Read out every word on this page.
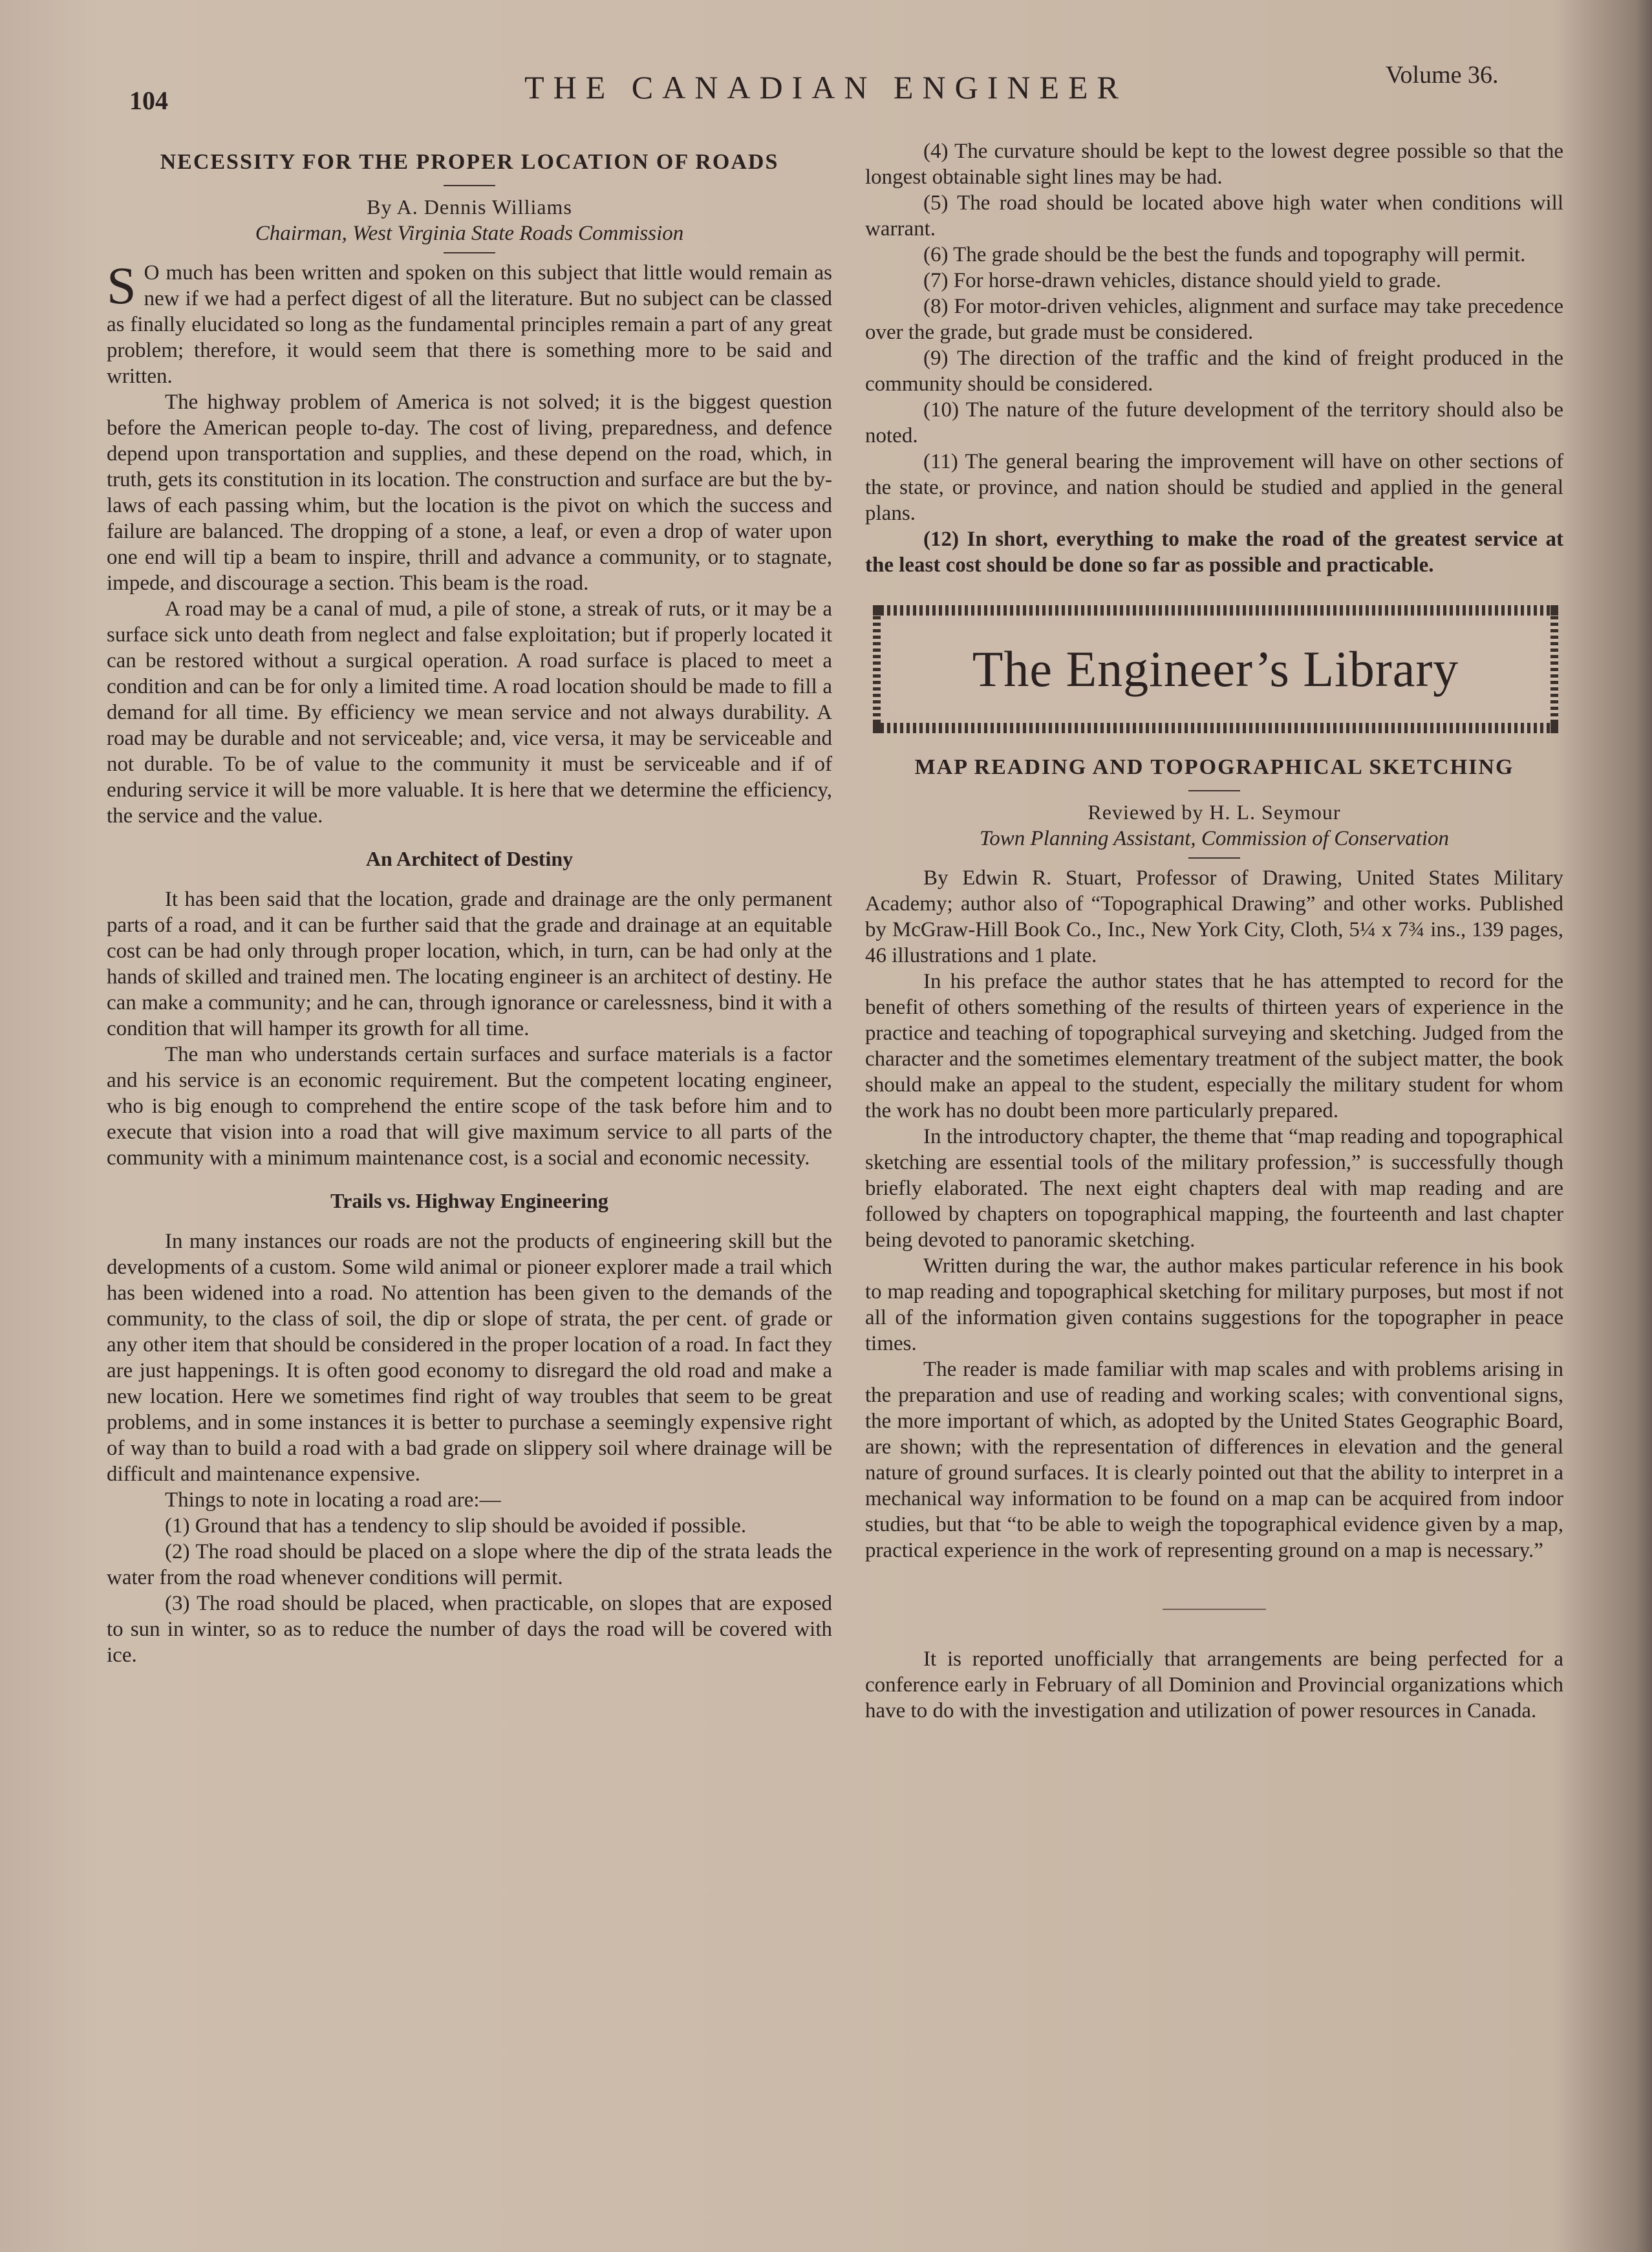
104	THE CANADIAN ENGINEER	Volume 36.
NECESSITY FOR THE PROPER LOCATION OF ROADS
By A. Dennis Williams
Chairman, West Virginia State Roads Commission

S O much has been written and spoken on this subject that little would remain as new if we had a perfect digest of all the literature. But no subject can be classed as finally elucidated so long as the fundamental principles remain a part of any great problem; therefore, it would seem that there is something more to be said and written.

The highway problem of America is not solved; it is the biggest question before the American people to-day. The cost of living, preparedness, and defence depend upon transportation and supplies, and these depend on the road, which, in truth, gets its constitution in its location. The construction and surface are but the by-laws of each passing whim, but the location is the pivot on which the success and failure are balanced. The dropping of a stone, a leaf, or even a drop of water upon one end will tip a beam to inspire, thrill and advance a community, or to stagnate, impede, and discourage a section. This beam is the road.

A road may be a canal of mud, a pile of stone, a streak of ruts, or it may be a surface sick unto death from neglect and false exploitation; but if properly located it can be restored without a surgical operation. A road surface is placed to meet a condition and can be for only a limited time. A road location should be made to fill a demand for all time. By efficiency we mean service and not always durability. A road may be durable and not serviceable; and, vice versa, it may be serviceable and not durable. To be of value to the community it must be serviceable and if of enduring service it will be more valuable. It is here that we determine the efficiency, the service and the value.

An Architect of Destiny

It has been said that the location, grade and drainage are the only permanent parts of a road, and it can be further said that the grade and drainage at an equitable cost can be had only through proper location, which, in turn, can be had only at the hands of skilled and trained men. The locating engineer is an architect of destiny. He can make a community; and he can, through ignorance or carelessness, bind it with a condition that will hamper its growth for all time.

The man who understands certain surfaces and surface materials is a factor and his service is an economic requirement. But the competent locating engineer, who is big enough to comprehend the entire scope of the task before him and to execute that vision into a road that will give maximum service to all parts of the community with a minimum maintenance cost, is a social and economic necessity.

Trails vs. Highway Engineering

In many instances our roads are not the products of engineering skill but the developments of a custom. Some wild animal or pioneer explorer made a trail which has been widened into a road. No attention has been given to the demands of the community, to the class of soil, the dip or slope of strata, the per cent. of grade or any other item that should be considered in the proper location of a road. In fact they are just happenings. It is often good economy to disregard the old road and make a new location. Here we sometimes find right of way troubles that seem to be great problems, and in some instances it is better to purchase a seemingly expensive right of way than to build a road with a bad grade on slippery soil where drainage will be difficult and maintenance expensive.

Things to note in locating a road are:—

(1) Ground that has a tendency to slip should be avoided if possible.

(2) The road should be placed on a slope where the dip of the strata leads the water from the road whenever conditions will permit.

(3) The road should be placed, when practicable, on slopes that are exposed to sun in winter, so as to reduce the number of days the road will be covered with ice.

(4) The curvature should be kept to the lowest degree possible so that the longest obtainable sight lines may be had.

(5) The road should be located above high water when conditions will warrant.

(6) The grade should be the best the funds and topography will permit.

(7) For horse-drawn vehicles, distance should yield to grade.

(8) For motor-driven vehicles, alignment and surface may take precedence over the grade, but grade must be considered.

(9) The direction of the traffic and the kind of freight produced in the community should be considered.

(10) The nature of the future development of the territory should also be noted.

(11) The general bearing the improvement will have on other sections of the state, or province, and nation should be studied and applied in the general plans.

(12) In short, everything to make the road of the greatest service at the least cost should be done so far as possible and practicable.

The Engineer’s Library
MAP READING AND TOPOGRAPHICAL SKETCHING
Reviewed by H. L. Seymour
Town Planning Assistant, Commission of Conservation

By Edwin R. Stuart, Professor of Drawing, United States Military Academy; author also of “Topographical Drawing” and other works. Published by McGraw-Hill Book Co., Inc., New York City, Cloth, 5¼ x 7¾ ins., 139 pages, 46 illustrations and 1 plate.

In his preface the author states that he has attempted to record for the benefit of others something of the results of thirteen years of experience in the practice and teaching of topographical surveying and sketching. Judged from the character and the sometimes elementary treatment of the subject matter, the book should make an appeal to the student, especially the military student for whom the work has no doubt been more particularly prepared.

In the introductory chapter, the theme that “map reading and topographical sketching are essential tools of the military profession,” is successfully though briefly elaborated. The next eight chapters deal with map reading and are followed by chapters on topographical mapping, the fourteenth and last chapter being devoted to panoramic sketching.

Written during the war, the author makes particular reference in his book to map reading and topographical sketching for military purposes, but most if not all of the information given contains suggestions for the topographer in peace times.

The reader is made familiar with map scales and with problems arising in the preparation and use of reading and working scales; with conventional signs, the more important of which, as adopted by the United States Geographic Board, are shown; with the representation of differences in elevation and the general nature of ground surfaces. It is clearly pointed out that the ability to interpret in a mechanical way information to be found on a map can be acquired from indoor studies, but that “to be able to weigh the topographical evidence given by a map, practical experience in the work of representing ground on a map is necessary.”

It is reported unofficially that arrangements are being perfected for a conference early in February of all Dominion and Provincial organizations which have to do with the investigation and utilization of power resources in Canada.
